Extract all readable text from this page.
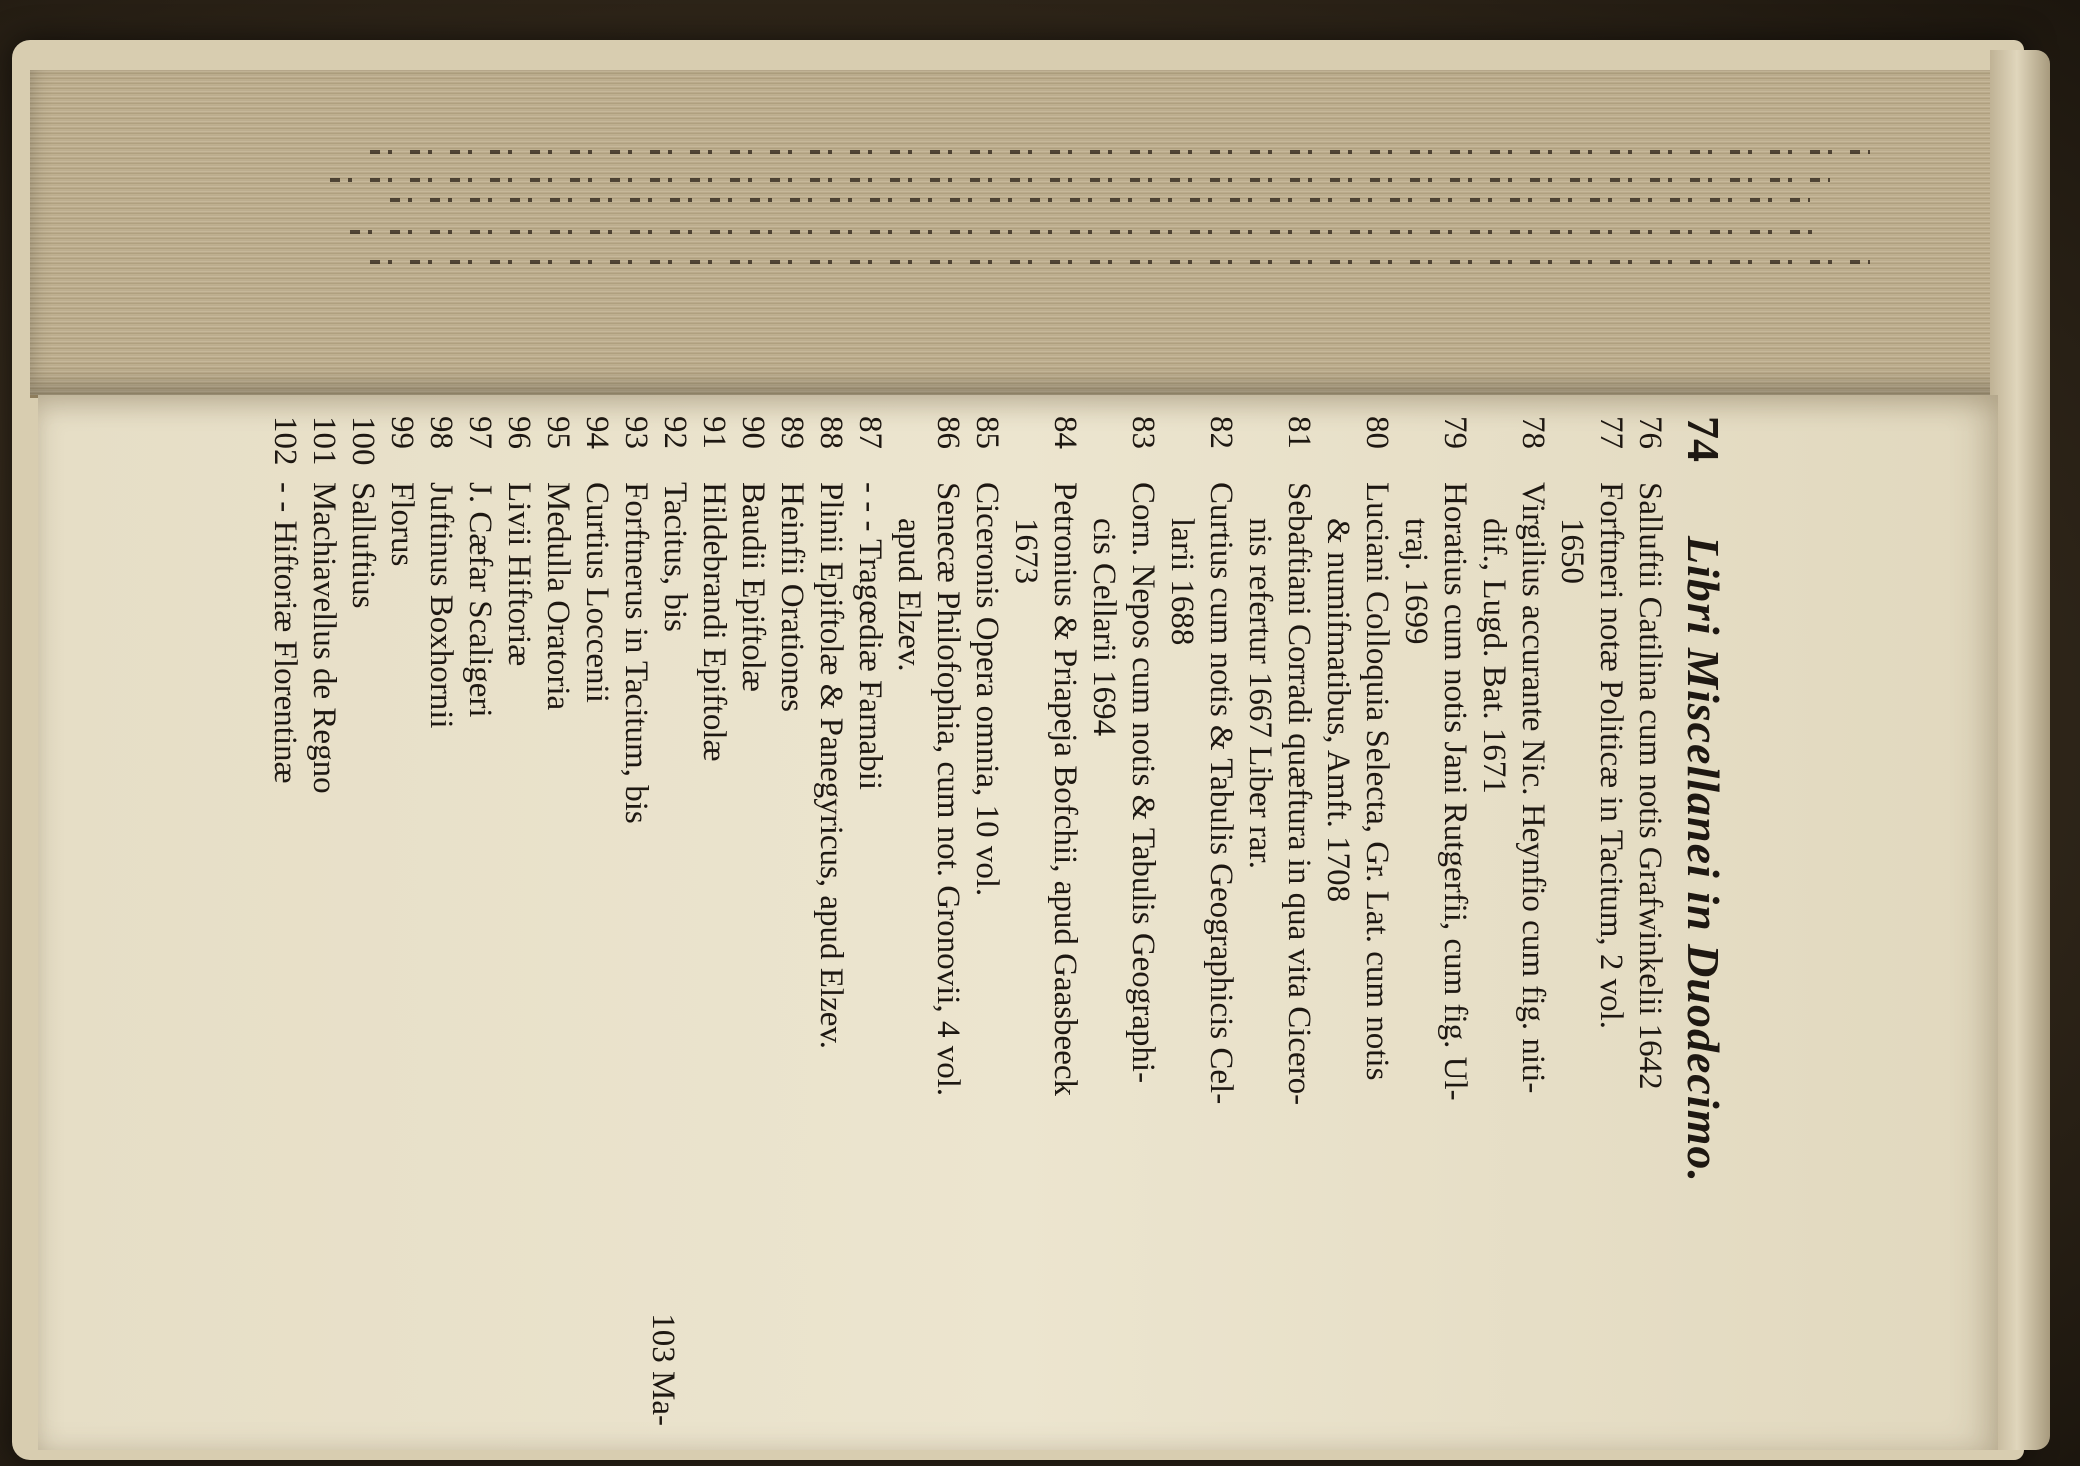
74
Libri Miscellanei in Duodecimo.
76
Salluftii Catilina cum notis Grafwinkelii 1642
77
Forftneri notæ Politicæ in Tacitum, 2 vol.
1650
78
Virgilius accurante Nic. Heynfio cum fig. niti-
dif., Lugd. Bat. 1671
79
Horatius cum notis Jani Rutgerfii, cum fig. Ul-
traj. 1699
80
Luciani Colloquia Selecta, Gr. Lat. cum notis
& numifmatibus, Amft. 1708
81
Sebaftiani Corradi quæftura in qua vita Cicero-
nis refertur 1667 Liber rar.
82
Curtius cum notis & Tabulis Geographicis Cel-
larii 1688
83
Corn. Nepos cum notis & Tabulis Geographi-
cis Cellarii 1694
84
Petronius & Priapeja Bofchii, apud Gaasbeeck
1673
85
Ciceronis Opera omnia, 10 vol.
86
Senecæ Philofophia, cum not. Gronovii, 4 vol.
apud Elzev.
87
- - - Tragœdiæ Farnabii
88
Plinii Epiftolæ & Panegyricus, apud Elzev.
89
Heinfii Orationes
90
Baudii Epiftolæ
91
Hildebrandi Epiftolæ
92
Tacitus, bis
93
Forftnerus in Tacitum, bis
94
Curtius Loccenii
95
Medulla Oratoria
96
Livii Hiftoriæ
97
J. Cæfar Scaligeri
98
Juftinus Boxhornii
99
Florus
100
Salluftius
101
Machiavellus de Regno
102
- - Hiftoriæ Florentinæ
103 Ma-
